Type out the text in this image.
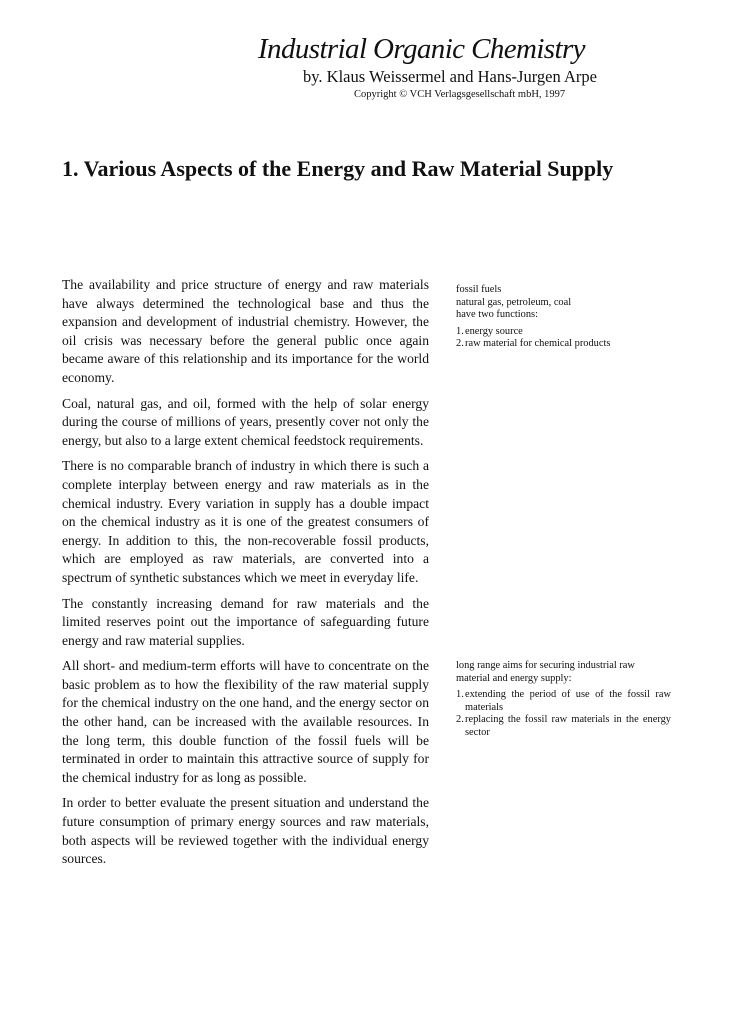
Industrial Organic Chemistry
by. Klaus Weissermel and Hans-Jurgen Arpe
Copyright © VCH Verlagsgesellschaft mbH, 1997
1. Various Aspects of the Energy and Raw Material Supply

The availability and price structure of energy and raw materials have always determined the technological base and thus the expansion and development of industrial chemistry. However, the oil crisis was necessary before the general public once again became aware of this relationship and its importance for the world economy.

Coal, natural gas, and oil, formed with the help of solar energy during the course of millions of years, presently cover not only the energy, but also to a large extent chemical feedstock requirements.

There is no comparable branch of industry in which there is such a complete interplay between energy and raw materials as in the chemical industry. Every variation in supply has a double impact on the chemical industry as it is one of the greatest consumers of energy. In addition to this, the non-recoverable fossil products, which are employed as raw materials, are converted into a spectrum of synthetic substances which we meet in everyday life.

The constantly increasing demand for raw materials and the limited reserves point out the importance of safeguarding future energy and raw material supplies.

All short- and medium-term efforts will have to concentrate on the basic problem as to how the flexibility of the raw material supply for the chemical industry on the one hand, and the energy sector on the other hand, can be increased with the available resources. In the long term, this double function of the fossil fuels will be terminated in order to maintain this attractive source of supply for the chemical industry for as long as possible.

In order to better evaluate the present situation and understand the future consumption of primary energy sources and raw materials, both aspects will be reviewed together with the individual energy sources.

fossil fuels
natural gas, petroleum, coal
have two functions:
1. energy source
2. raw material for chemical products
long range aims for securing industrial raw material and energy supply:
1. extending the period of use of the fossil raw materials
2. replacing the fossil raw materials in the energy sector
